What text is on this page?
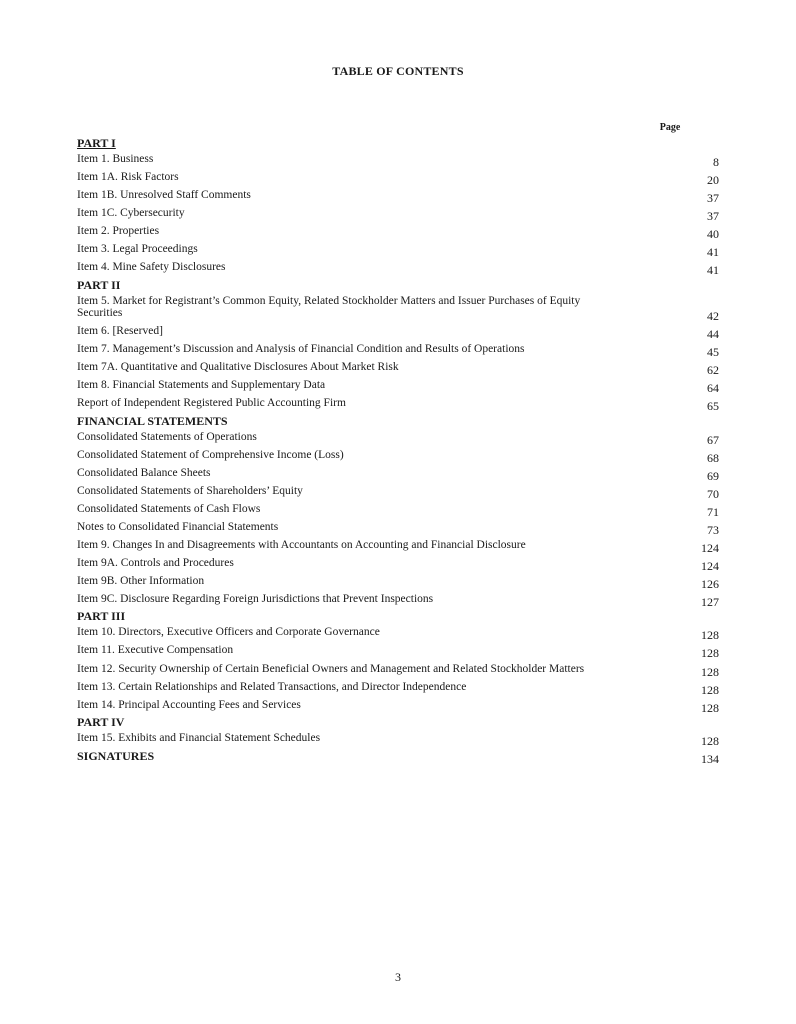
TABLE OF CONTENTS
Page
PART I
Item 1. Business	8
Item 1A. Risk Factors	20
Item 1B. Unresolved Staff Comments	37
Item 1C. Cybersecurity	37
Item 2. Properties	40
Item 3. Legal Proceedings	41
Item 4. Mine Safety Disclosures	41
PART II
Item 5. Market for Registrant’s Common Equity, Related Stockholder Matters and Issuer Purchases of Equity Securities	42
Item 6. [Reserved]	44
Item 7. Management’s Discussion and Analysis of Financial Condition and Results of Operations	45
Item 7A. Quantitative and Qualitative Disclosures About Market Risk	62
Item 8. Financial Statements and Supplementary Data	64
Report of Independent Registered Public Accounting Firm	65
FINANCIAL STATEMENTS
Consolidated Statements of Operations	67
Consolidated Statement of Comprehensive Income (Loss)	68
Consolidated Balance Sheets	69
Consolidated Statements of Shareholders’ Equity	70
Consolidated Statements of Cash Flows	71
Notes to Consolidated Financial Statements	73
Item 9. Changes In and Disagreements with Accountants on Accounting and Financial Disclosure	124
Item 9A. Controls and Procedures	124
Item 9B. Other Information	126
Item 9C. Disclosure Regarding Foreign Jurisdictions that Prevent Inspections	127
PART III
Item 10. Directors, Executive Officers and Corporate Governance	128
Item 11. Executive Compensation	128
Item 12. Security Ownership of Certain Beneficial Owners and Management and Related Stockholder Matters	128
Item 13. Certain Relationships and Related Transactions, and Director Independence	128
Item 14. Principal Accounting Fees and Services	128
PART IV
Item 15. Exhibits and Financial Statement Schedules	128
SIGNATURES	134
3
